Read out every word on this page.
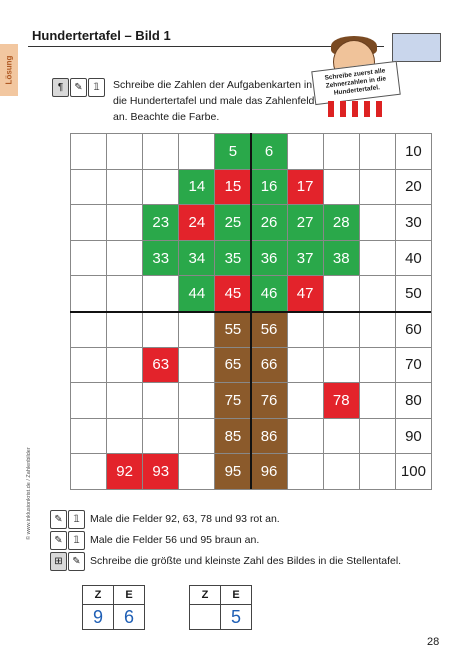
Lösung
Hundertertafel – Bild 1
¶	✎	𝟙	Schreibe die Zahlen der Aufgabenkarten in die Hundertertafel und male das Zahlenfeld an. Beachte die Farbe.
Schreibe zuerst alle Zehnerzahlen in die Hundertertafel.
5	6	10
14	15	16	17	20
23	24	25	26	27	28	30
33	34	35	36	37	38	40
44	45	46	47	50
55	56	60
63	65	66	70
75	76	78	80
85	86	90
92	93	95	96	100
✎	𝟙 Male die Felder 92, 63, 78 und 93 rot an.
✎	𝟙 Male die Felder 56 und 95 braun an.
⊞ ✎ Schreibe die größte und kleinste Zahl des Bildes in die Stellentafel.
Z	E
9	6
Z	E
	5
© www.inklusionkrist.de / Zahlenbilder
28
